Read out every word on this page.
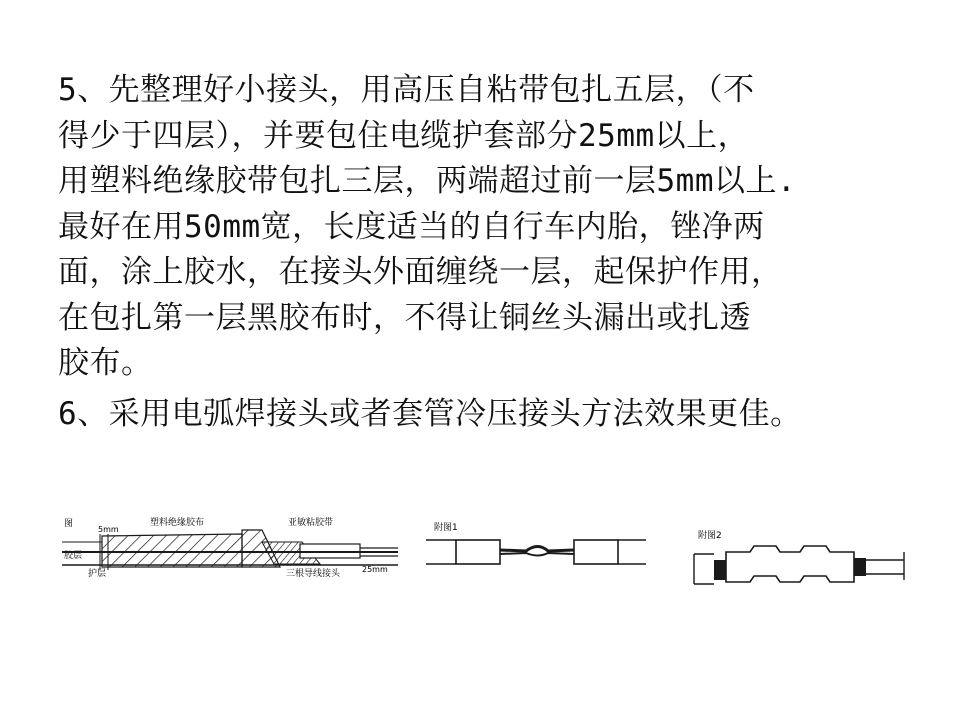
5、先整理好小接头，用高压自粘带包扎五层，（不
得少于四层），并要包住电缆护套部分25mm以上，
用塑料绝缘胶带包扎三层，两端超过前一层5mm以上.
最好在用50mm宽，长度适当的自行车内胎，锉净两
面，涂上胶水，在接头外面缠绕一层，起保护作用，
在包扎第一层黑胶布时，不得让铜丝头漏出或扎透
胶布。
6、采用电弧焊接头或者套管冷压接头方法效果更佳。
图
5mm
塑料绝缘胶布	亚敏粘胶带
胶层
护层	三根导线接头	25mm
附图1
附图2
